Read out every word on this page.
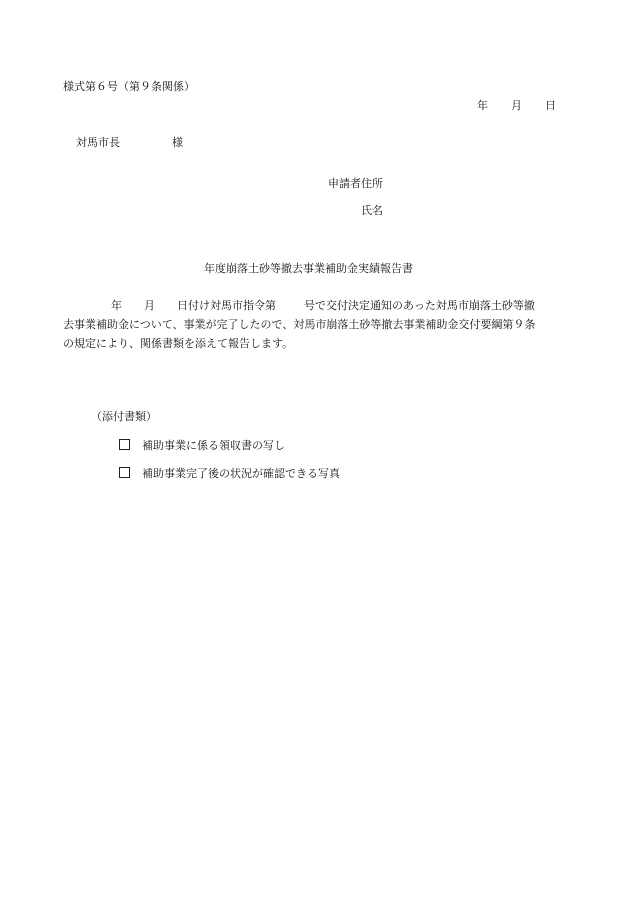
様式第６号（第９条関係）
年 月 日
対馬市長	様
申請者住所
氏名
年度崩落土砂等撤去事業補助金実績報告書
年 月 日付け対馬市指令第	号で交付決定通知のあった対馬市崩落土砂等撤
去事業補助金について、事業が完了したので、対馬市崩落土砂等撤去事業補助金交付要綱第９条
の規定により、関係書類を添えて報告します。
（添付書類）
補助事業に係る領収書の写し
補助事業完了後の状況が確認できる写真
